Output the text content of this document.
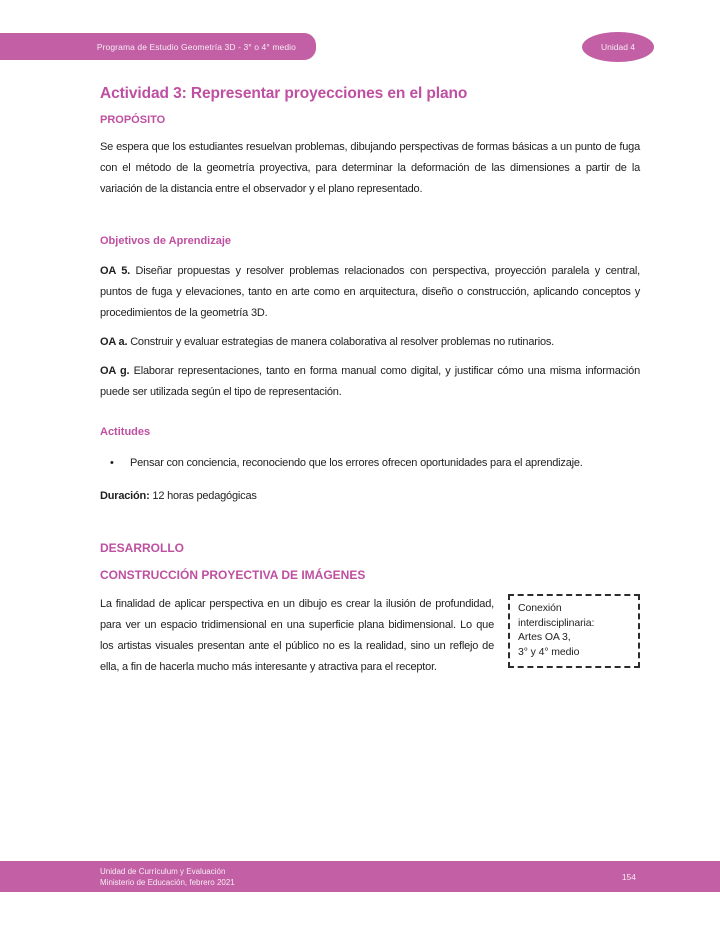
Programa de Estudio Geometría 3D - 3° o 4° medio	Unidad 4
Actividad 3: Representar proyecciones en el plano
PROPÓSITO

Se espera que los estudiantes resuelvan problemas, dibujando perspectivas de formas básicas a un punto de fuga con el método de la geometría proyectiva, para determinar la deformación de las dimensiones a partir de la variación de la distancia entre el observador y el plano representado.

Objetivos de Aprendizaje

OA 5. Diseñar propuestas y resolver problemas relacionados con perspectiva, proyección paralela y central, puntos de fuga y elevaciones, tanto en arte como en arquitectura, diseño o construcción, aplicando conceptos y procedimientos de la geometría 3D.

OA a. Construir y evaluar estrategias de manera colaborativa al resolver problemas no rutinarios.

OA g. Elaborar representaciones, tanto en forma manual como digital, y justificar cómo una misma información puede ser utilizada según el tipo de representación.

Actitudes
•	Pensar con conciencia, reconociendo que los errores ofrecen oportunidades para el aprendizaje.

Duración: 12 horas pedagógicas

DESARROLLO
CONSTRUCCIÓN PROYECTIVA DE IMÁGENES

La finalidad de aplicar perspectiva en un dibujo es crear la ilusión de profundidad, para ver un espacio tridimensional en una superficie plana bidimensional. Lo que los artistas visuales presentan ante el público no es la realidad, sino un reflejo de ella, a fin de hacerla mucho más interesante y atractiva para el receptor.

Conexión
interdisciplinaria:
Artes OA 3,
3° y 4° medio
Unidad de Currículum y Evaluación
Ministerio de Educación, febrero 2021
154
